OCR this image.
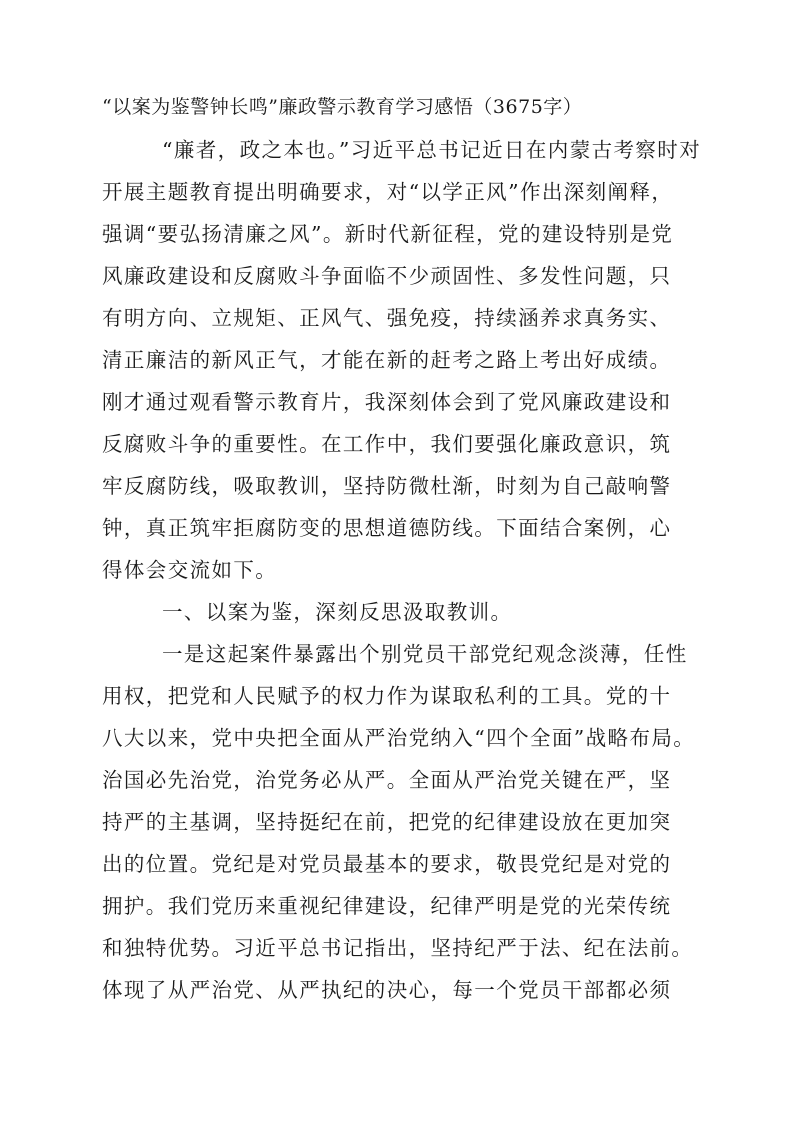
“以案为鉴警钟长鸣”廉政警示教育学习感悟（3675字）
“廉者，政之本也。”习近平总书记近日在内蒙古考察时对
开展主题教育提出明确要求，对“以学正风”作出深刻阐释，
强调“要弘扬清廉之风”。新时代新征程，党的建设特别是党
风廉政建设和反腐败斗争面临不少顽固性、多发性问题，只
有明方向、立规矩、正风气、强免疫，持续涵养求真务实、
清正廉洁的新风正气，才能在新的赶考之路上考出好成绩。
刚才通过观看警示教育片，我深刻体会到了党风廉政建设和
反腐败斗争的重要性。在工作中，我们要强化廉政意识，筑
牢反腐防线，吸取教训，坚持防微杜渐，时刻为自己敲响警
钟，真正筑牢拒腐防变的思想道德防线。下面结合案例，心
得体会交流如下。
一、以案为鉴，深刻反思汲取教训。
一是这起案件暴露出个别党员干部党纪观念淡薄，任性
用权，把党和人民赋予的权力作为谋取私利的工具。党的十
八大以来，党中央把全面从严治党纳入“四个全面”战略布局。
治国必先治党，治党务必从严。全面从严治党关键在严，坚
持严的主基调，坚持挺纪在前，把党的纪律建设放在更加突
出的位置。党纪是对党员最基本的要求，敬畏党纪是对党的
拥护。我们党历来重视纪律建设，纪律严明是党的光荣传统
和独特优势。习近平总书记指出，坚持纪严于法、纪在法前。
体现了从严治党、从严执纪的决心，每一个党员干部都必须
